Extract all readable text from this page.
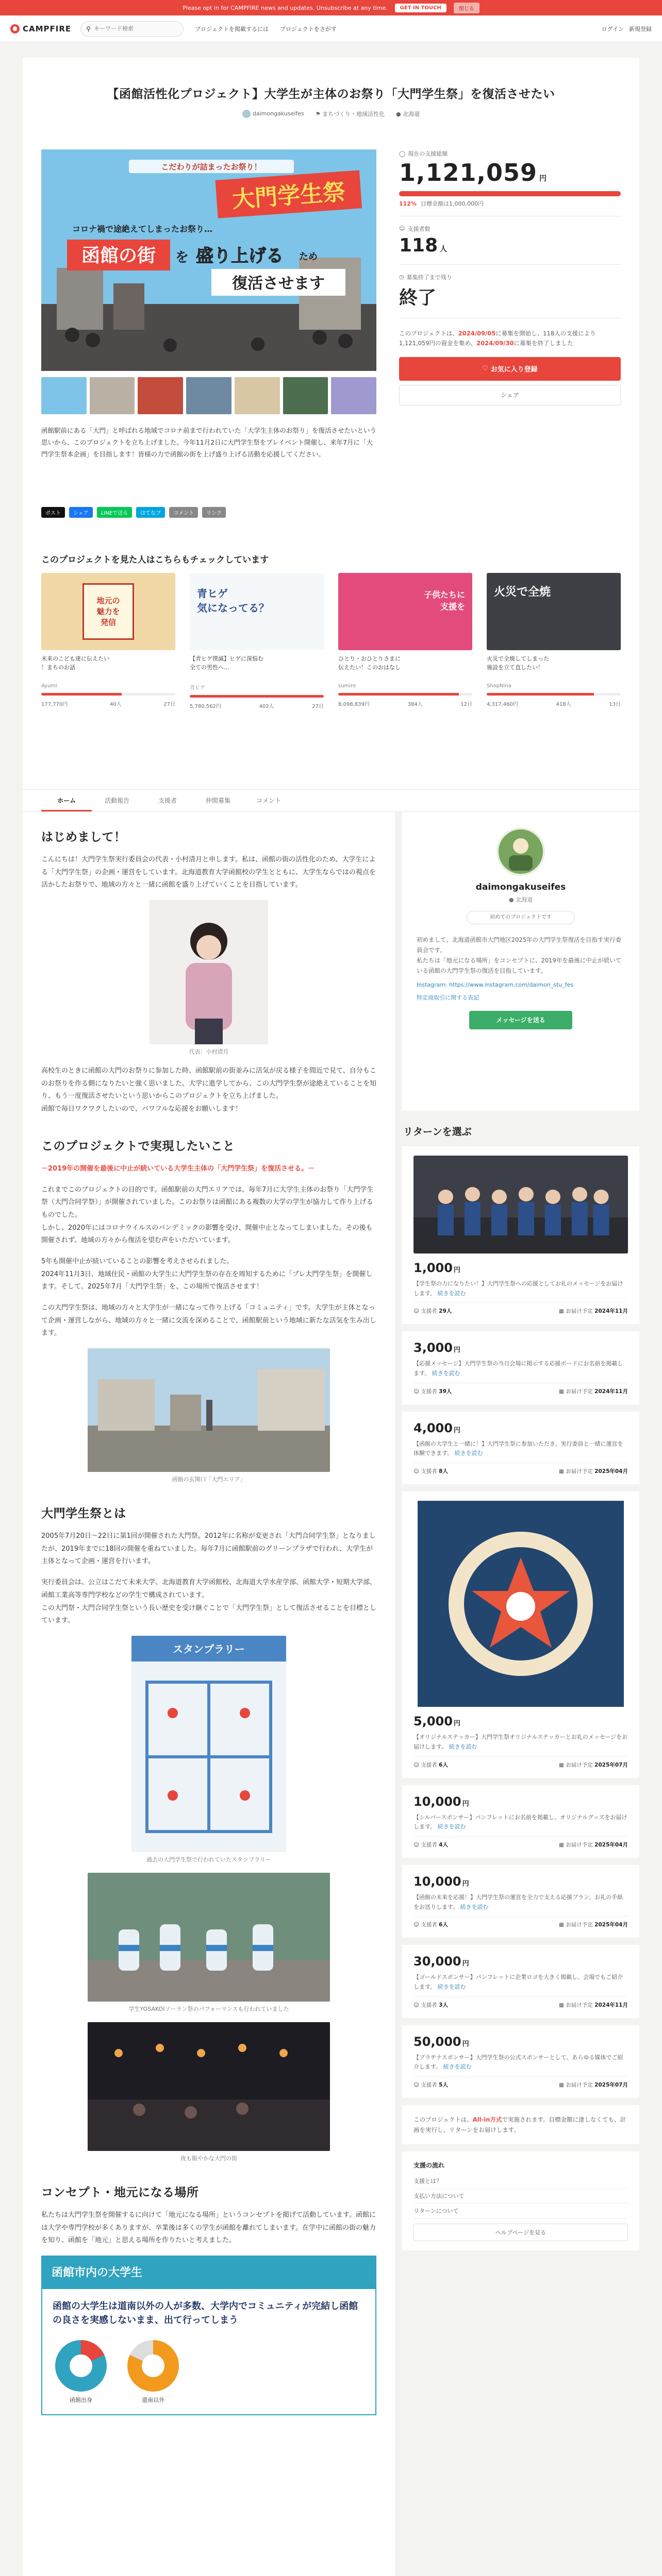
Please opt in for CAMPFIRE news and updates. Unsubscribe at any time.	GET IN TOUCH	閉じる
CAMPFIRE ⚲
キーワード検索	プロジェクトを掲載するには プロジェクトをさがす	ログイン 新規登録
【函館活性化プロジェクト】大学生が主体のお祭り「大門学生祭」を復活させたい
daimongakuseifes ⚑ まちづくり・地域活性化 ● 北海道
こだわりが詰まったお祭り！
大門学生祭
コロナ禍で途絶えてしまったお祭り…
函館の街 を 盛り上げる ため
復活させます

函館駅前にある「大門」と呼ばれる地域でコロナ前まで行われていた「大学生主体のお祭り」を復活させたいという思いから、このプロジェクトを立ち上げました。今年11月2日に大門学生祭をプレイベント開催し、来年7月に「大門学生祭本企画」を目指します！皆様の力で函館の街を上げ盛り上げる活動を応援してください。

ポスト	シェア	LINEで送る	はてなブ	コメント	リンク
◯ 現在の支援総額
1,121,059 円
112% 目標金額は1,000,000円
☺ 支援者数
118 人
◷ 募集終了まで残り
終了

このプロジェクトは、2024/09/05に募集を開始し、118人の支援により1,121,059円の資金を集め、2024/09/30に募集を終了しました

♡ お気に入り登録
シェア
このプロジェクトを見た人はこちらもチェックしています
地元の
魅力を
発信
未来のこども達に伝えたい
！まちのお話
Ayumi
177,770円	40人	27日
青ヒゲ
気になってる？
【青ヒゲ撲滅】ヒゲに深悩む
全ての男性へ…
青ヒゲ
5,780,562円	402人	27日
子供たちに
支援を
ひとり・おひとりさまに
伝えたい！このおはなし
sumire
8,098,839円	384人	12日
火災で全焼
火災で全焼してしまった
施設を立て直したい！
ShopNina
4,317,460円	418人	13日
ホーム	活動報告	支援者	仲間募集	コメント
はじめまして！

こんにちは！大門学生祭実行委員会の代表・小村清月と申します。私は、函館の街の活性化のため、大学生による「大門学生祭」の企画・運営をしています。北海道教育大学函館校の学生とともに、大学生ならではの視点を活かしたお祭りで、地域の方々と一緒に函館を盛り上げていくことを目指しています。

代表：小村清月

高校生のときに函館の大門のお祭りに参加した時、函館駅前の街並みに活気が戻る様子を間近で見て、自分もこのお祭りを作る側になりたいと強く思いました。大学に進学してから、この大門学生祭が途絶えていることを知り、もう一度復活させたいという思いからこのプロジェクトを立ち上げました。
函館で毎日ワクワクしたいので、パワフルな応援をお願いします！

このプロジェクトで実現したいこと

－2019年の開催を最後に中止が続いている大学生主体の「大門学生祭」を復活させる。－

これまでこのプロジェクトの目的です。函館駅前の大門エリアでは、毎年7月に大学生主体のお祭り「大門学生祭（大門合同学祭）」が開催されていました。このお祭りは函館にある複数の大学の学生が協力して作り上げるものでした。
しかし、2020年にはコロナウイルスのパンデミックの影響を受け、開催中止となってしまいました。その後も開催されず、地域の方々から復活を望む声をいただいています。

5年も開催中止が続いていることの影響を考えさせられました。
2024年11月3日、地域住民・函館の大学生に大門学生祭の存在を周知するために「プレ大門学生祭」を開催します。そして、2025年7月「大門学生祭」を、この場所で復活させます！

この大門学生祭は、地域の方々と大学生が一緒になって作り上げる「コミュニティ」です。大学生が主体となって企画・運営しながら、地域の方々と一緒に交流を深めることで、函館駅前という地域に新たな活気を生み出します。

函館の玄関口「大門エリア」
大門学生祭とは

2005年7月20日〜22日に第1回が開催された大門祭。2012年に名称が変更され「大門合同学生祭」となりましたが、2019年までに18回の開催を重ねていました。毎年7月に函館駅前のグリーンプラザで行われ、大学生が主体となって企画・運営を行います。

実行委員会は、公立はこだて未来大学、北海道教育大学函館校、北海道大学水産学部、函館大学・短期大学部、函館工業高等専門学校などの学生で構成されています。
この大門祭・大門合同学生祭という長い歴史を受け継ぐことで「大門学生祭」として復活させることを目標としています。

スタンプラリー
過去の大門学生祭で行われていたスタンプラリー
学生YOSAKOIソーラン祭のパフォーマンスも行われていました
夜も賑やかな大門の街
コンセプト・地元になる場所

私たちは大門学生祭を開催するに向けて「地元になる場所」というコンセプトを掲げて活動しています。函館には大学や専門学校が多くありますが、卒業後は多くの学生が函館を離れてしまいます。在学中に函館の街の魅力を知り、函館を「地元」と思える場所を作りたいと考えました。

函館市内の大学生
函館の大学生は道南以外の人が多数、大学内でコミュニティが完結し函館の良さを実感しないまま、出て行ってしまう
函館出身	道南以外
daimongakuseifes
● 北海道
初めてのプロジェクトです

初めまして。北海道函館市大門地区2025年の大門学生祭復活を目指す実行委員会です。
私たちは「地元になる場所」をコンセプトに、2019年を最後に中止が続いている函館の大門学生祭の復活を目指しています。

Instagram: https://www.instagram.com/daimon_stu_fes
特定商取引に関する表記
メッセージを送る
リターンを選ぶ
1,000 円
【学生祭の力になりたい！】大門学生祭への応援としてお礼のメッセージをお届けします。 続きを読む
☺ 支援者 29人	▦ お届け予定 2024年11月
3,000 円
【応援メッセージ】大門学生祭の当日会場に掲示する応援ボードにお名前を掲載します。 続きを読む
☺ 支援者 39人	▦ お届け予定 2024年11月
4,000 円
【函館の大学生と一緒に！】大門学生祭に参加いただき、実行委員と一緒に運営を体験できます。 続きを読む
☺ 支援者 8人	▦ お届け予定 2025年04月
5,000 円
【オリジナルステッカー】大門学生祭オリジナルステッカーとお礼のメッセージをお届けします。 続きを読む
☺ 支援者 6人	▦ お届け予定 2025年07月
10,000 円
【シルバースポンサー】パンフレットにお名前を掲載し、オリジナルグッズをお届けします。 続きを読む
☺ 支援者 4人	▦ お届け予定 2025年04月
10,000 円
【函館の未来を応援！】大門学生祭の運営を全力で支える応援プラン。お礼の手紙をお送りします。 続きを読む
☺ 支援者 6人	▦ お届け予定 2025年04月
30,000 円
【ゴールドスポンサー】パンフレットに企業ロゴを大きく掲載し、会場でもご紹介します。 続きを読む
☺ 支援者 3人	▦ お届け予定 2024年11月
50,000 円
【プラチナスポンサー】大門学生祭の公式スポンサーとして、あらゆる媒体でご紹介します。 続きを読む
☺ 支援者 5人	▦ お届け予定 2025年07月
このプロジェクトは、All-in方式で実施されます。目標金額に達しなくても、計画を実行し、リターンをお届けします。
支援の流れ
支援とは？
支払い方法について
リターンについて
ヘルプページを見る
